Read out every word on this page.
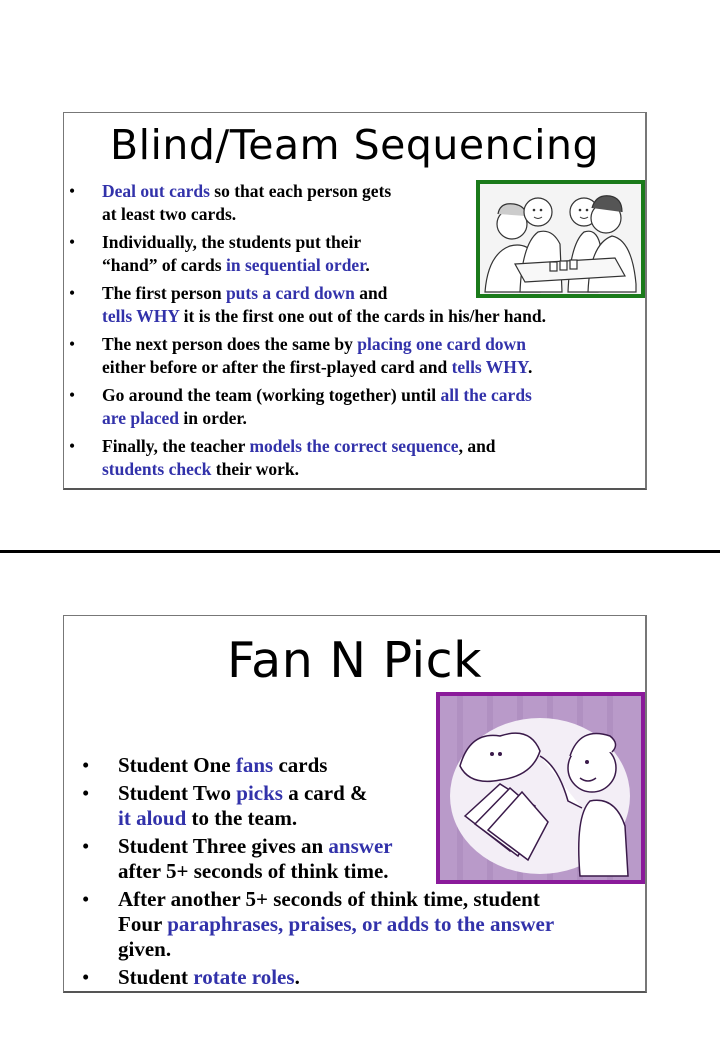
Blind/Team Sequencing
• Deal out cards so that each person gets
at least two cards.
• Individually, the students put their
“hand” of cards in sequential order.
• The first person puts a card down and
tells WHY it is the first one out of the cards in his/her hand.
• The next person does the same by placing one card down
either before or after the first-played card and tells WHY.
• Go around the team (working together) until all the cards
are placed in order.
• Finally, the teacher models the correct sequence, and
students check their work.
Fan N Pick
• Student One fans cards
• Student Two picks a card &
it aloud to the team.
• Student Three gives an answer
after 5+ seconds of think time.
• After another 5+ seconds of think time, student
Four paraphrases, praises, or adds to the answer
given.
• Student rotate roles.
